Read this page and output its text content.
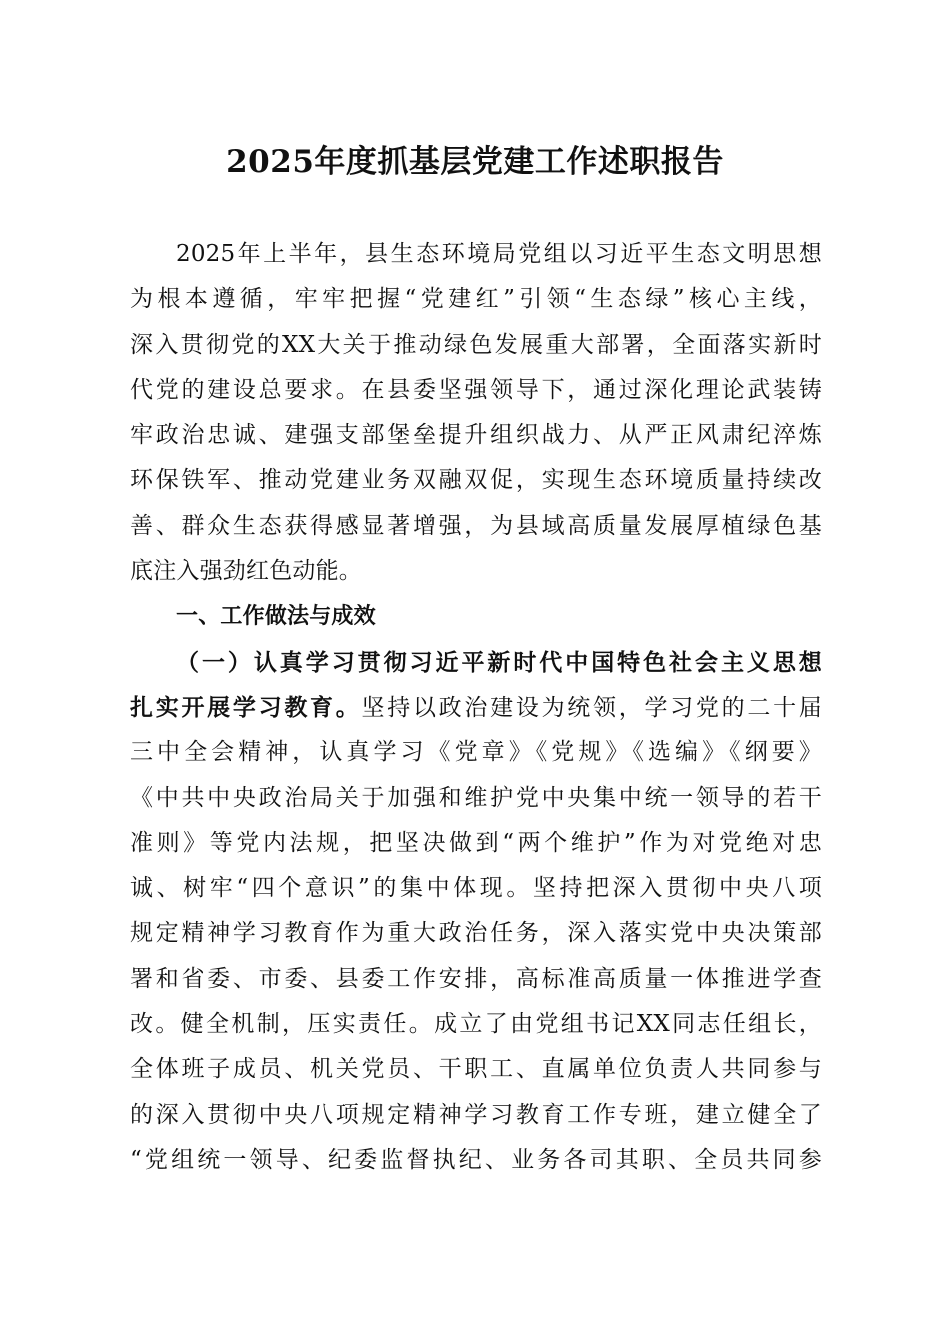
2025年度抓基层党建工作述职报告
2025年上半年，县生态环境局党组以习近平生态文明思想
为根本遵循，牢牢把握“党建红”引领“生态绿”核心主线，
深入贯彻党的XX大关于推动绿色发展重大部署，全面落实新时
代党的建设总要求。在县委坚强领导下，通过深化理论武装铸
牢政治忠诚、建强支部堡垒提升组织战力、从严正风肃纪淬炼
环保铁军、推动党建业务双融双促，实现生态环境质量持续改
善、群众生态获得感显著增强，为县域高质量发展厚植绿色基
底注入强劲红色动能。
一、工作做法与成效
（一）认真学习贯彻习近平新时代中国特色社会主义思想
扎实开展学习教育。坚持以政治建设为统领，学习党的二十届
三中全会精神，认真学习《党章》《党规》《选编》《纲要》
《中共中央政治局关于加强和维护党中央集中统一领导的若干
准则》等党内法规，把坚决做到“两个维护”作为对党绝对忠
诚、树牢“四个意识”的集中体现。坚持把深入贯彻中央八项
规定精神学习教育作为重大政治任务，深入落实党中央决策部
署和省委、市委、县委工作安排，高标准高质量一体推进学查
改。健全机制，压实责任。成立了由党组书记XX同志任组长，
全体班子成员、机关党员、干职工、直属单位负责人共同参与
的深入贯彻中央八项规定精神学习教育工作专班，建立健全了
“党组统一领导、纪委监督执纪、业务各司其职、全员共同参
